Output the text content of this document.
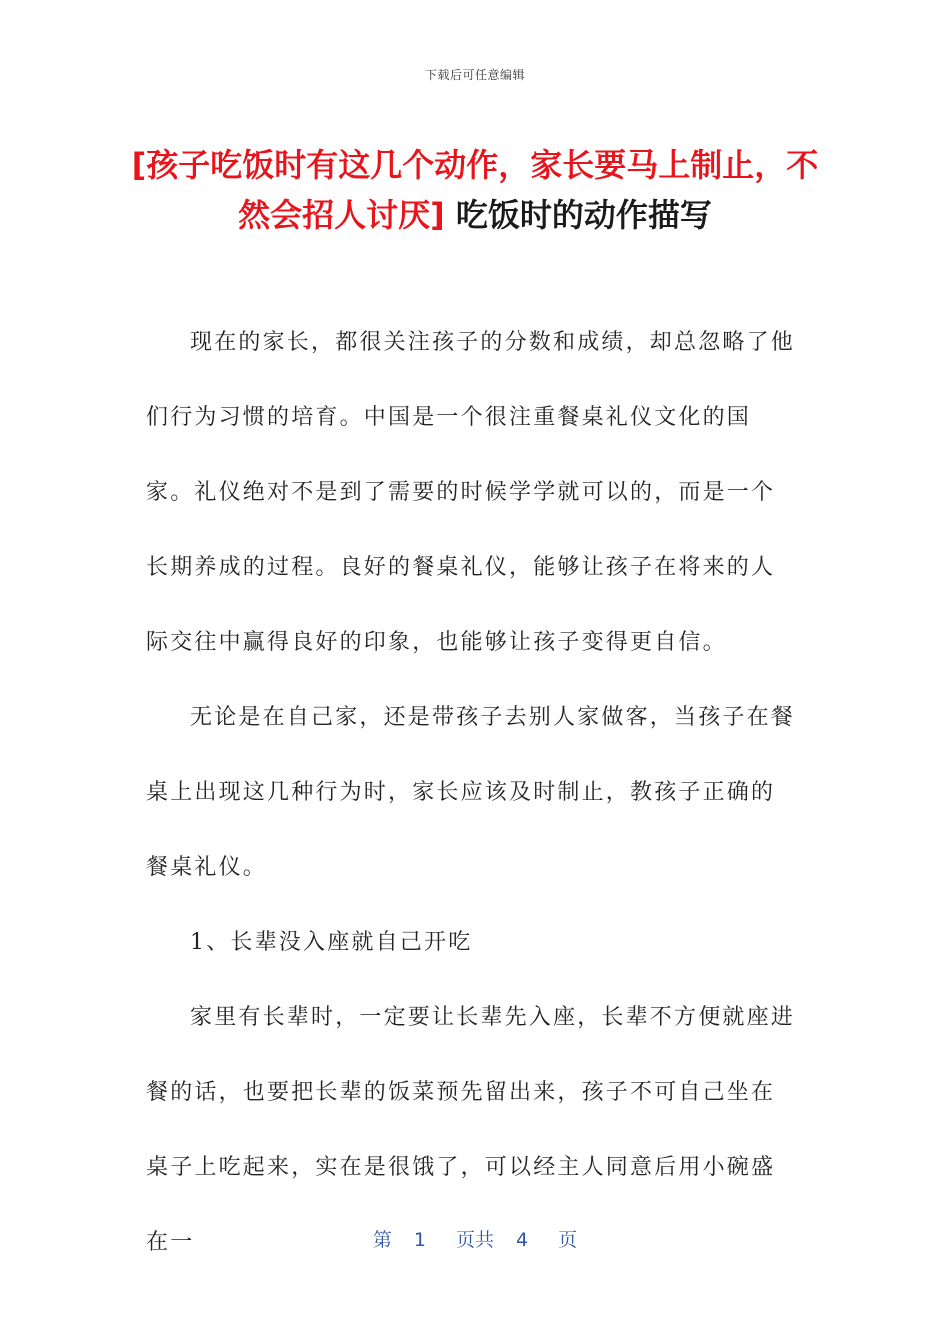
下载后可任意编辑
[孩子吃饭时有这几个动作，家长要马上制止，不然会招人讨厌] 吃饭时的动作描写

现在的家长，都很关注孩子的分数和成绩，却总忽略了他们行为习惯的培育。中国是一个很注重餐桌礼仪文化的国家。礼仪绝对不是到了需要的时候学学就可以的，而是一个长期养成的过程。良好的餐桌礼仪，能够让孩子在将来的人际交往中赢得良好的印象，也能够让孩子变得更自信。

无论是在自己家，还是带孩子去别人家做客，当孩子在餐桌上出现这几种行为时，家长应该及时制止，教孩子正确的餐桌礼仪。

1、长辈没入座就自己开吃

家里有长辈时，一定要让长辈先入座，长辈不方便就座进餐的话，也要把长辈的饭菜预先留出来，孩子不可自己坐在桌子上吃起来，实在是很饿了，可以经主人同意后用小碗盛在一	第 1 页共 4 页
